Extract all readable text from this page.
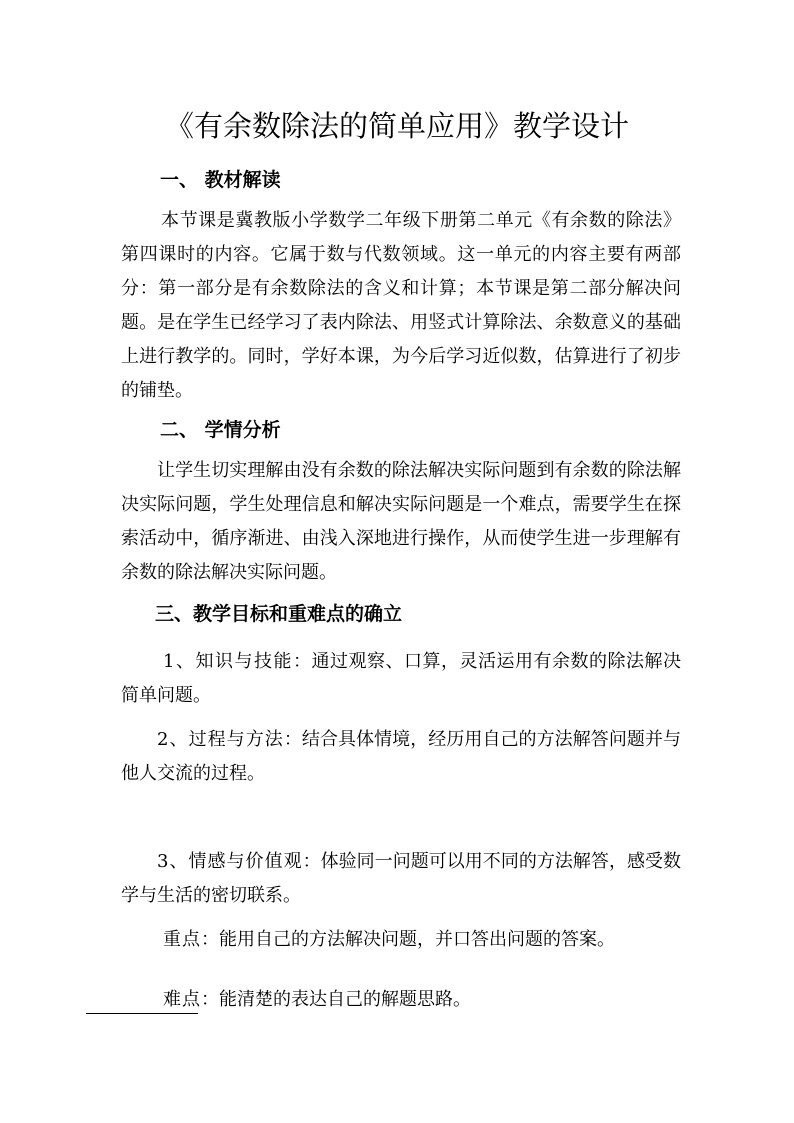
《有余数除法的简单应用》教学设计
一、 教材解读
本节课是冀教版小学数学二年级下册第二单元《有余数的除法》第四课时的内容。它属于数与代数领域。这一单元的内容主要有两部分：第一部分是有余数除法的含义和计算；本节课是第二部分解决问题。是在学生已经学习了表内除法、用竖式计算除法、余数意义的基础上进行教学的。同时，学好本课，为今后学习近似数，估算进行了初步的铺垫。
二、 学情分析
让学生切实理解由没有余数的除法解决实际问题到有余数的除法解决实际问题，学生处理信息和解决实际问题是一个难点，需要学生在探索活动中，循序渐进、由浅入深地进行操作，从而使学生进一步理解有余数的除法解决实际问题。
三、教学目标和重难点的确立
1、知识与技能：通过观察、口算，灵活运用有余数的除法解决简单问题。
2、过程与方法：结合具体情境，经历用自己的方法解答问题并与他人交流的过程。
3、情感与价值观：体验同一问题可以用不同的方法解答，感受数学与生活的密切联系。
重点：能用自己的方法解决问题，并口答出问题的答案。
难点：能清楚的表达自己的解题思路。
